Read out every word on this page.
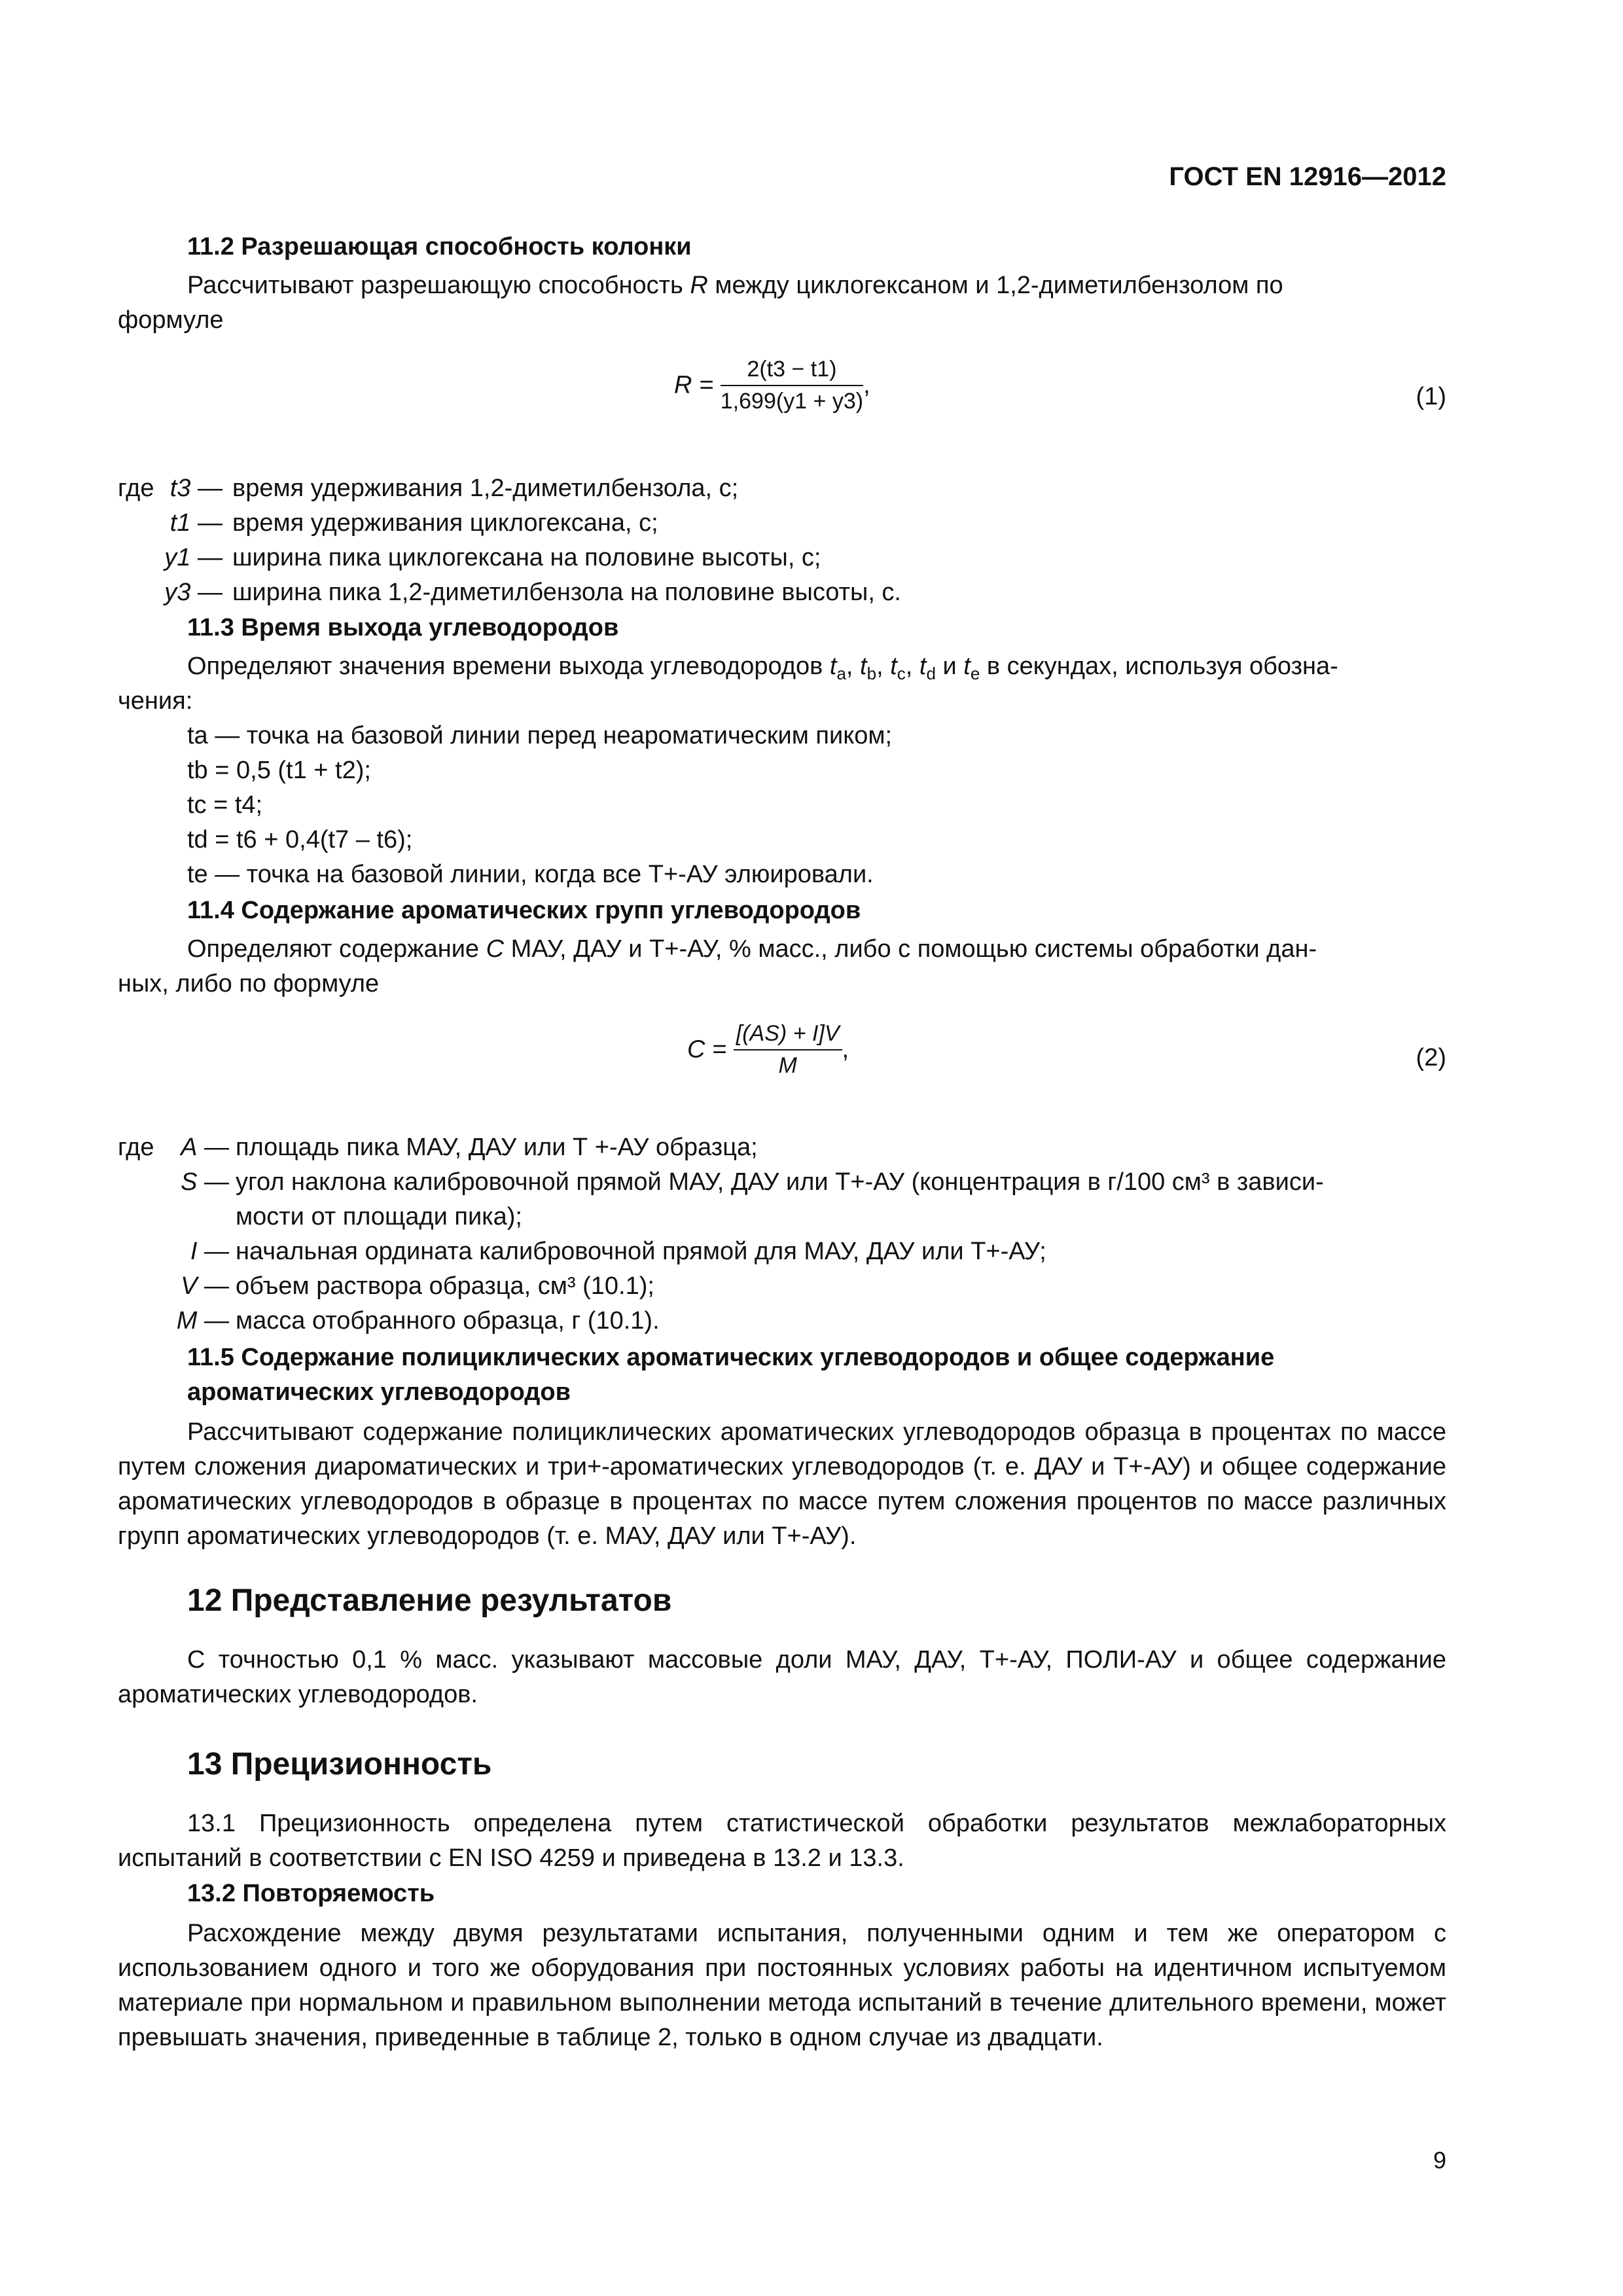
ГОСТ EN 12916—2012
11.2 Разрешающая способность колонки
Рассчитывают разрешающую способность R между циклогексаном и 1,2-диметилбензолом по
формуле
$R = \frac{2(t3 - t1)}{1,699(y1 + y3)}$ ,	(1)
где t3 — время удерживания 1,2-диметилбензола, с;
t1 — время удерживания циклогексана, с;
y1 — ширина пика циклогексана на половине высоты, с;
y3 — ширина пика 1,2-диметилбензола на половине высоты, с.
11.3 Время выхода углеводородов
Определяют значения времени выхода углеводородов $t_a$, $t_b$, $t_c$, $t_d$ и $t_e$ в секундах, используя обозна-
чения:
ta — точка на базовой линии перед неароматическим пиком;
tb = 0,5 (t1 + t2);
tc = t4;
td = t6 + 0,4(t7 – t6);
te — точка на базовой линии, когда все Т+-АУ элюировали.
11.4 Содержание ароматических групп углеводородов
Определяют содержание C МАУ, ДАУ и Т+-АУ, % масс., либо с помощью системы обработки дан-
ных, либо по формуле
$C = \frac{[(AS) + I]V}{M}$ ,	(2)
где A — площадь пика МАУ, ДАУ или Т +-АУ образца;
S — угол наклона калибровочной прямой МАУ, ДАУ или Т+-АУ (концентрация в г/100 см³ в зависи-
мости от площади пика);
I — начальная ордината калибровочной прямой для МАУ, ДАУ или Т+-АУ;
V — объем раствора образца, см³ (10.1);
M — масса отобранного образца, г (10.1).
11.5 Содержание полициклических ароматических углеводородов и общее содержание
ароматических углеводородов
Рассчитывают содержание полициклических ароматических углеводородов образца в процентах по массе путем сложения диароматических и три+-ароматических углеводородов (т. е. ДАУ и Т+-АУ) и общее содержание ароматических углеводородов в образце в процентах по массе путем сложения процентов по массе различных групп ароматических углеводородов (т. е. МАУ, ДАУ или Т+-АУ).
12 Представление результатов
С точностью 0,1 % масс. указывают массовые доли МАУ, ДАУ, Т+-АУ, ПОЛИ-АУ и общее содержание ароматических углеводородов.
13 Прецизионность
13.1 Прецизионность определена путем статистической обработки результатов межлабораторных испытаний в соответствии с EN ISO 4259 и приведена в 13.2 и 13.3.
13.2 Повторяемость
Расхождение между двумя результатами испытания, полученными одним и тем же оператором с использованием одного и того же оборудования при постоянных условиях работы на идентичном испытуемом материале при нормальном и правильном выполнении метода испытаний в течение длительного времени, может превышать значения, приведенные в таблице 2, только в одном случае из двадцати.
9
